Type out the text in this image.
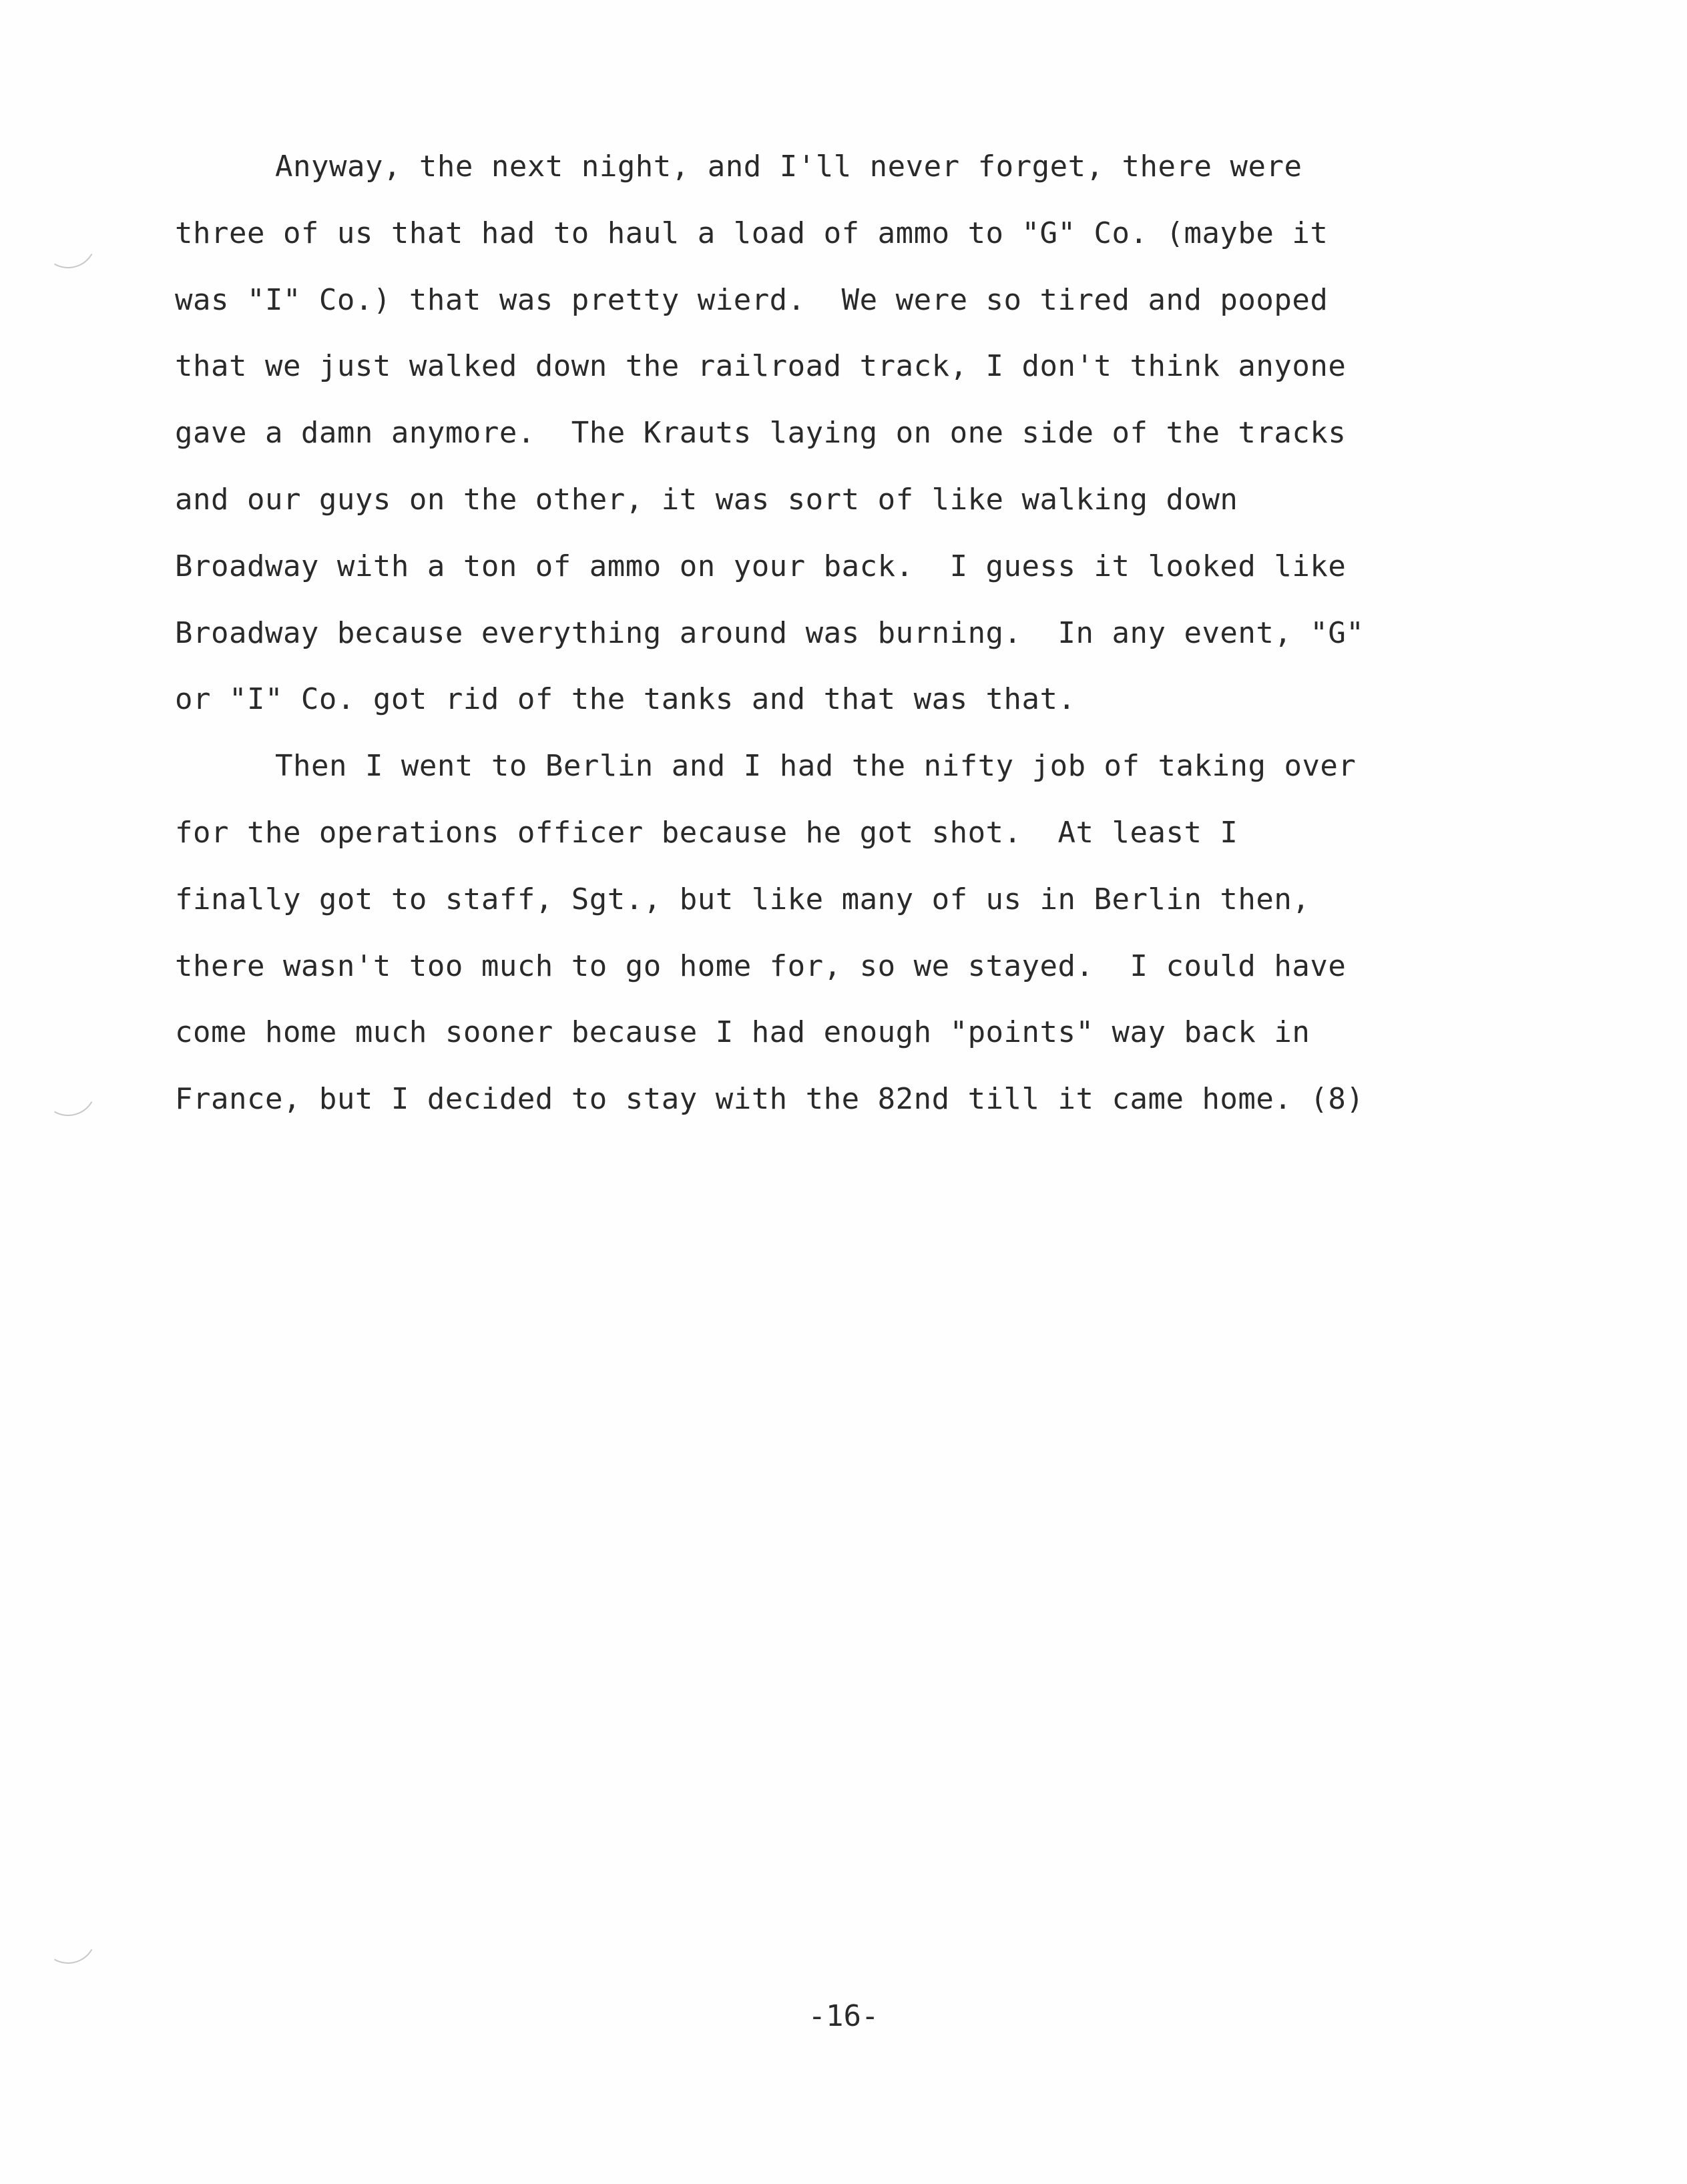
Anyway, the next night, and I'll never forget, there were
three of us that had to haul a load of ammo to "G" Co. (maybe it
was "I" Co.) that was pretty wierd.  We were so tired and pooped
that we just walked down the railroad track, I don't think anyone
gave a damn anymore.  The Krauts laying on one side of the tracks
and our guys on the other, it was sort of like walking down
Broadway with a ton of ammo on your back.  I guess it looked like
Broadway because everything around was burning.  In any event, "G"
or "I" Co. got rid of the tanks and that was that.
Then I went to Berlin and I had the nifty job of taking over
for the operations officer because he got shot.  At least I
finally got to staff, Sgt., but like many of us in Berlin then,
there wasn't too much to go home for, so we stayed.  I could have
come home much sooner because I had enough "points" way back in
France, but I decided to stay with the 82nd till it came home. (8)
-16-
